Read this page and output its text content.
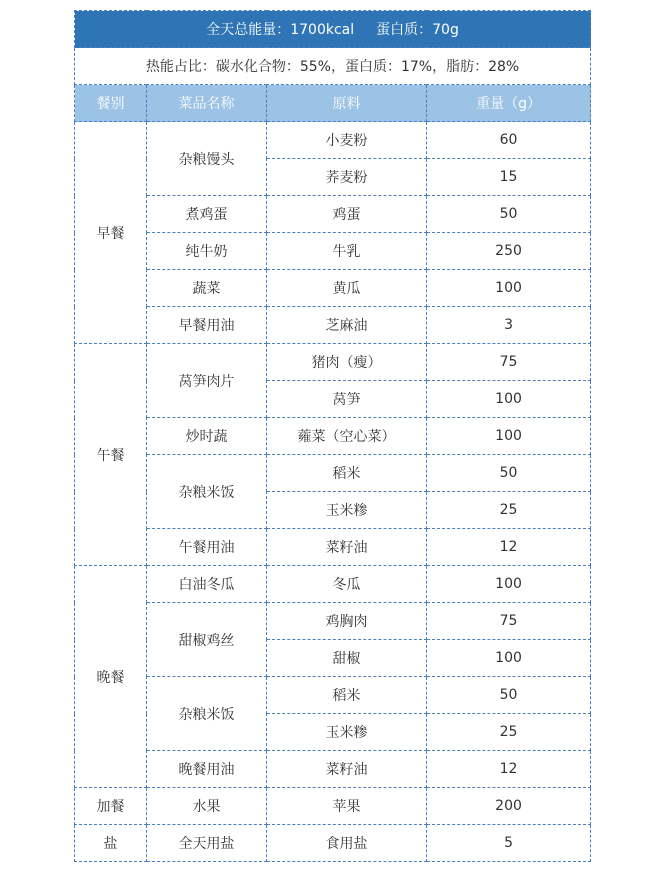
全天总能量：1700kcal 蛋白质：70g			
热能占比：碳水化合物：55%，蛋白质：17%，脂肪：28%			
餐别	菜品名称	原料	重量（g）
早餐	杂粮馒头	小麦粉	60
		荞麦粉	15
	煮鸡蛋	鸡蛋	50
	纯牛奶	牛乳	250
	蔬菜	黄瓜	100
	早餐用油	芝麻油	3
午餐	莴笋肉片	猪肉（瘦）	75
		莴笋	100
	炒时蔬	蕹菜（空心菜）	100
	杂粮米饭	稻米	50
		玉米糁	25
	午餐用油	菜籽油	12
晚餐	白油冬瓜	冬瓜	100
	甜椒鸡丝	鸡胸肉	75
		甜椒	100
	杂粮米饭	稻米	50
		玉米糁	25
	晚餐用油	菜籽油	12
加餐	水果	苹果	200
盐	全天用盐	食用盐	5
